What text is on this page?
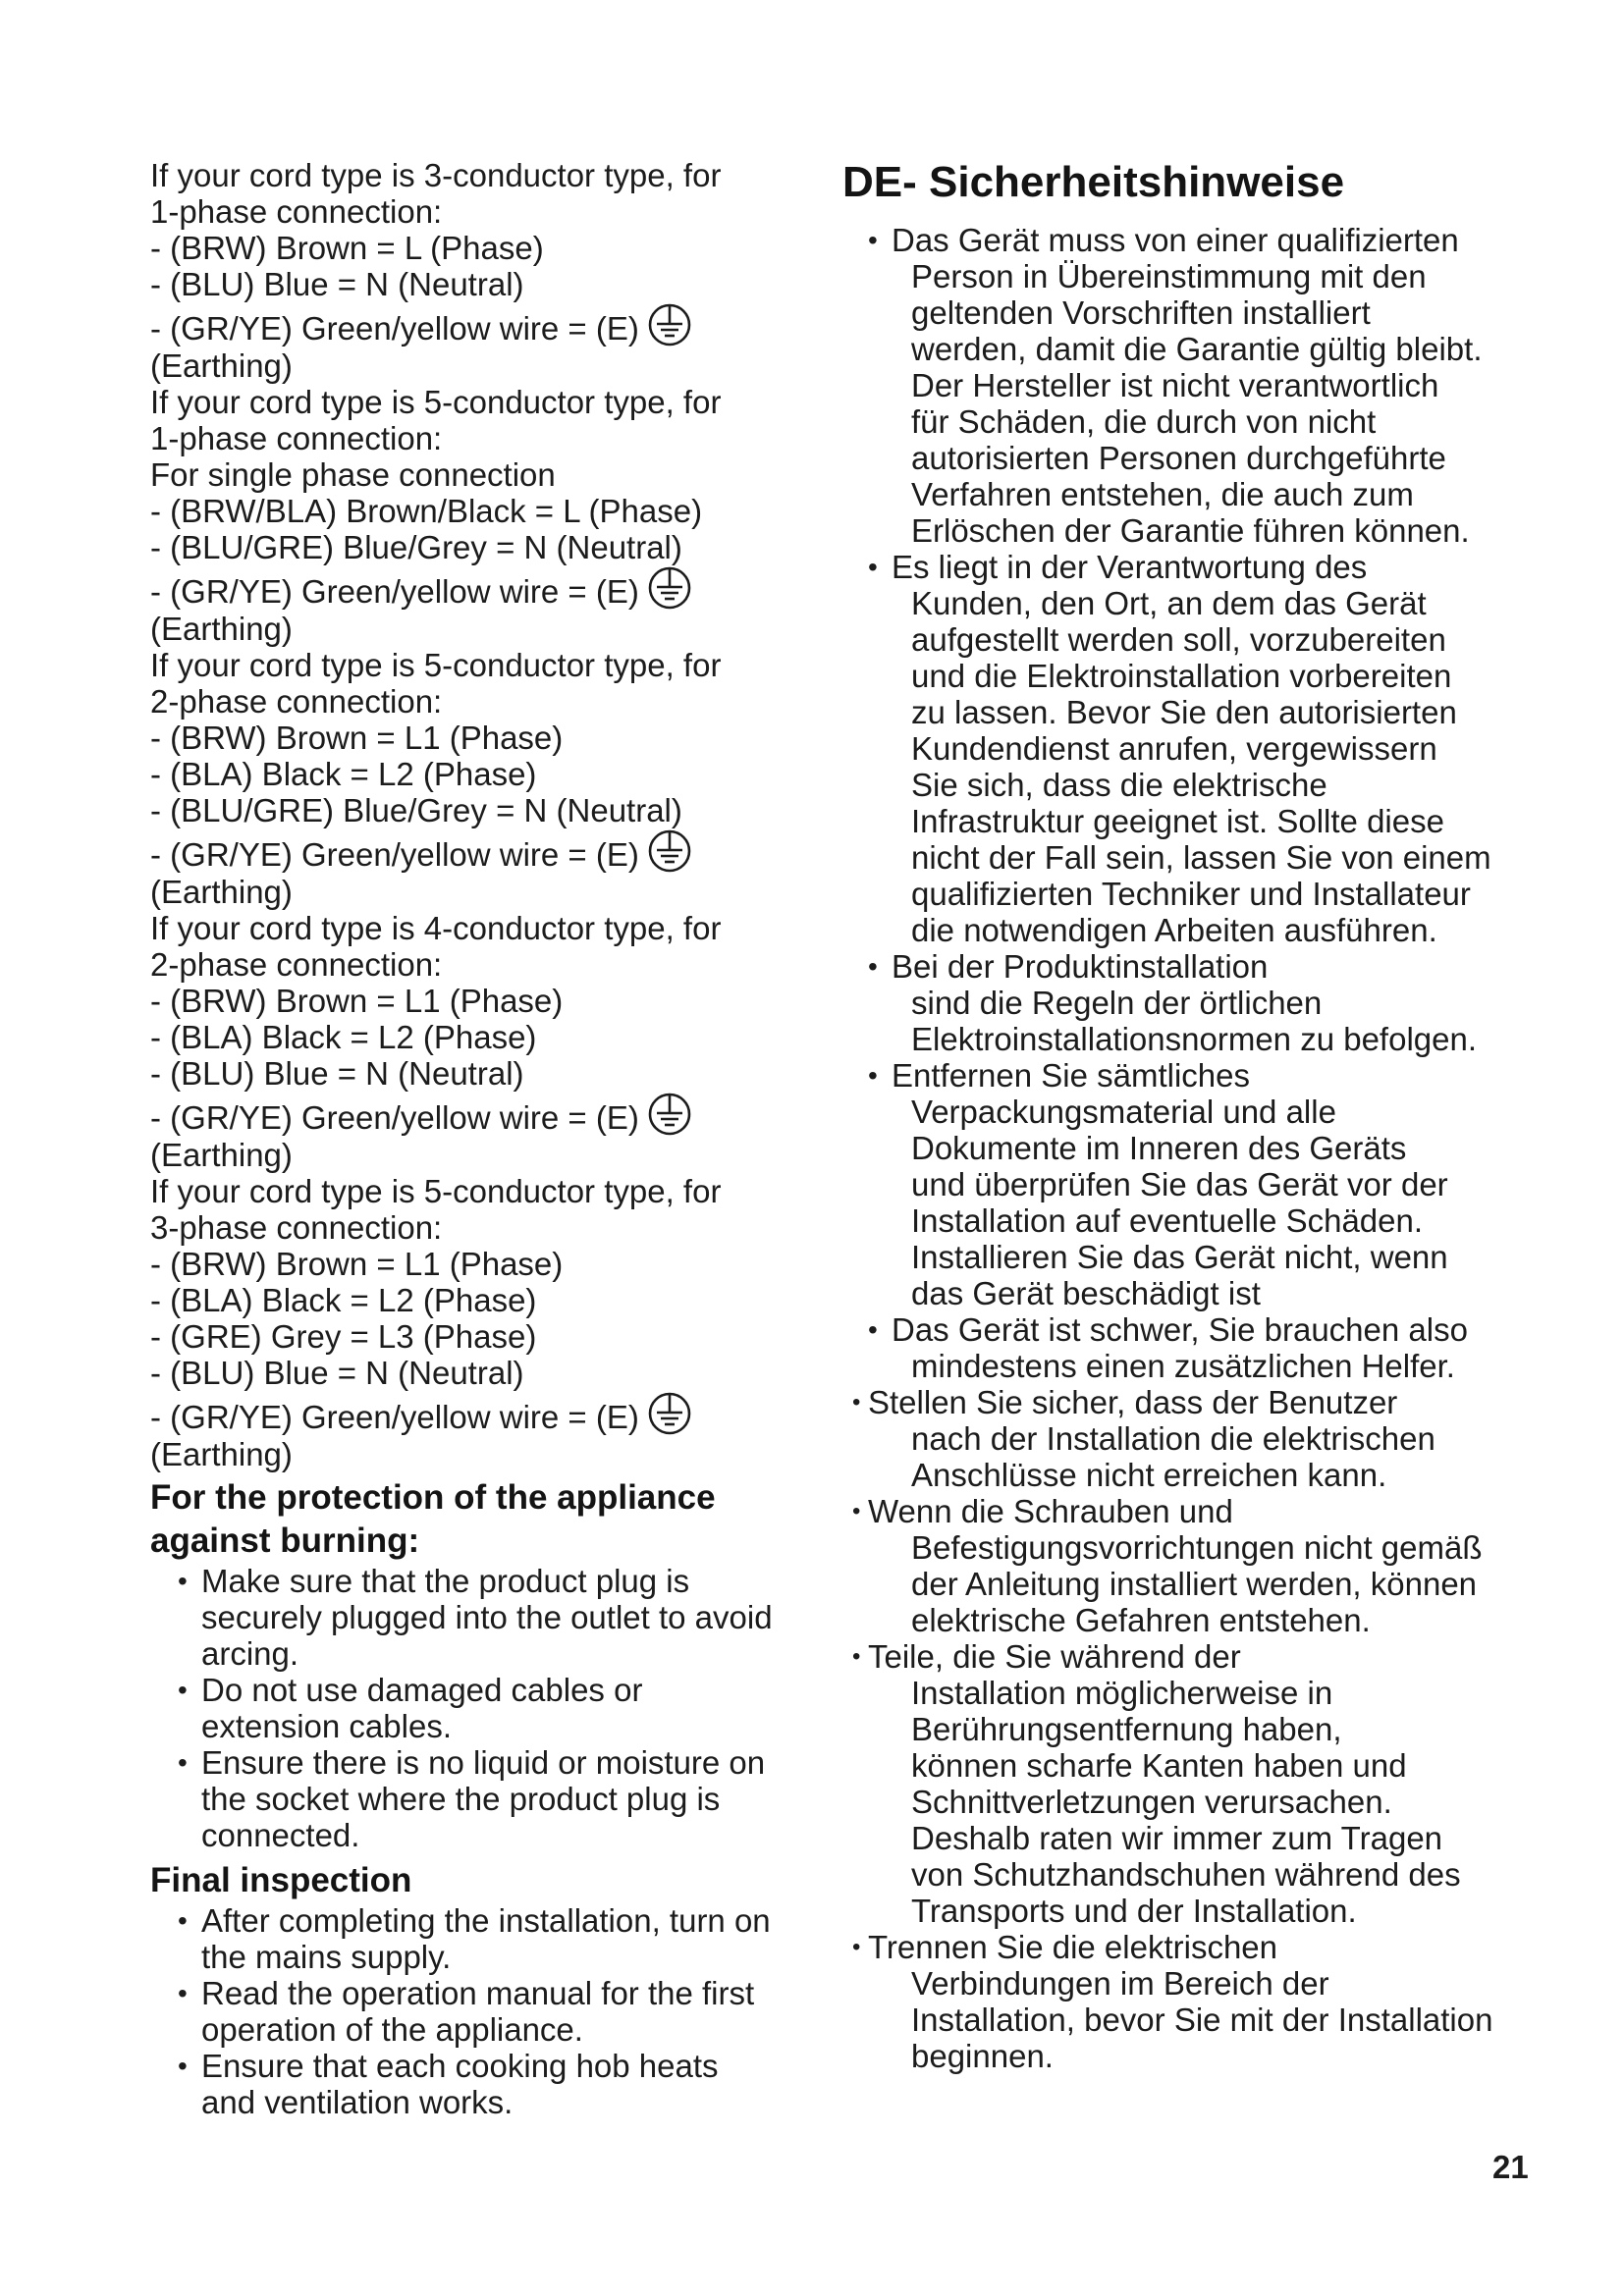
If your cord type is 3-conductor type, for
1-phase connection:
- (BRW) Brown = L (Phase)
- (BLU) Blue = N (Neutral)
- (GR/YE) Green/yellow wire = (E)
(Earthing)
If your cord type is 5-conductor type, for
1-phase connection:
For single phase connection
- (BRW/BLA) Brown/Black = L (Phase)
- (BLU/GRE) Blue/Grey = N (Neutral)
- (GR/YE) Green/yellow wire = (E)
(Earthing)
If your cord type is 5-conductor type, for
2-phase connection:
- (BRW) Brown = L1 (Phase)
- (BLA) Black = L2 (Phase)
- (BLU/GRE) Blue/Grey = N (Neutral)
- (GR/YE) Green/yellow wire = (E)
(Earthing)
If your cord type is 4-conductor type, for
2-phase connection:
- (BRW) Brown = L1 (Phase)
- (BLA) Black = L2 (Phase)
- (BLU) Blue = N (Neutral)
- (GR/YE) Green/yellow wire = (E)
(Earthing)
If your cord type is 5-conductor type, for
3-phase connection:
- (BRW) Brown = L1 (Phase)
- (BLA) Black = L2 (Phase)
- (GRE) Grey = L3 (Phase)
- (BLU) Blue = N (Neutral)
- (GR/YE) Green/yellow wire = (E)
(Earthing)
For the protection of the appliance
against burning:
• Make sure that the product plug is
securely plugged into the outlet to avoid
arcing.
• Do not use damaged cables or
extension cables.
• Ensure there is no liquid or moisture on
the socket where the product plug is
connected.
Final inspection
• After completing the installation, turn on
the mains supply.
• Read the operation manual for the first
operation of the appliance.
• Ensure that each cooking hob heats
and ventilation works.
DE- Sicherheitshinweise
• Das Gerät muss von einer qualifizierten
Person in Übereinstimmung mit den
geltenden Vorschriften installiert
werden, damit die Garantie gültig bleibt.
Der Hersteller ist nicht verantwortlich
für Schäden, die durch von nicht
autorisierten Personen durchgeführte
Verfahren entstehen, die auch zum
Erlöschen der Garantie führen können.
• Es liegt in der Verantwortung des
Kunden, den Ort, an dem das Gerät
aufgestellt werden soll, vorzubereiten
und die Elektroinstallation vorbereiten
zu lassen. Bevor Sie den autorisierten
Kundendienst anrufen, vergewissern
Sie sich, dass die elektrische
Infrastruktur geeignet ist. Sollte diese
nicht der Fall sein, lassen Sie von einem
qualifizierten Techniker und Installateur
die notwendigen Arbeiten ausführen.
• Bei der Produktinstallation
sind die Regeln der örtlichen
Elektroinstallationsnormen zu befolgen.
• Entfernen Sie sämtliches
Verpackungsmaterial und alle
Dokumente im Inneren des Geräts
und überprüfen Sie das Gerät vor der
Installation auf eventuelle Schäden.
Installieren Sie das Gerät nicht, wenn
das Gerät beschädigt ist
• Das Gerät ist schwer, Sie brauchen also
mindestens einen zusätzlichen Helfer.
• Stellen Sie sicher, dass der Benutzer
nach der Installation die elektrischen
Anschlüsse nicht erreichen kann.
• Wenn die Schrauben und
Befestigungsvorrichtungen nicht gemäß
der Anleitung installiert werden, können
elektrische Gefahren entstehen.
• Teile, die Sie während der
Installation möglicherweise in
Berührungsentfernung haben,
können scharfe Kanten haben und
Schnittverletzungen verursachen.
Deshalb raten wir immer zum Tragen
von Schutzhandschuhen während des
Transports und der Installation.
• Trennen Sie die elektrischen
Verbindungen im Bereich der
Installation, bevor Sie mit der Installation
beginnen.
21
